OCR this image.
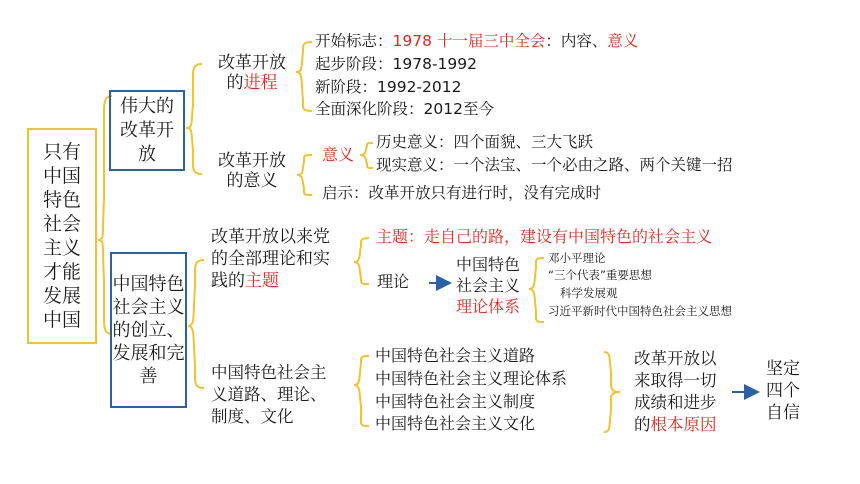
只有中国特色社会主义才能发展中国
伟大的改革开放
中国特色社会主义的创立、发展和完善
改革开放
的进程
开始标志：1978 十一届三中全会：内容、意义
起步阶段：1978-1992
新阶段：1992-2012
全面深化阶段：2012至今
改革开放
的意义
意义
历史意义：四个面貌、三大飞跃
现实意义：一个法宝、一个必由之路、两个关键一招
启示：改革开放只有进行时，没有完成时
改革开放以来党
的全部理论和实
践的主题
主题：走自己的路，建设有中国特色的社会主义
理论
中国特色
社会主义
理论体系
邓小平理论
“三个代表”重要思想
科学发展观
习近平新时代中国特色社会主义思想
中国特色社会主
义道路、理论、
制度、文化
中国特色社会主义道路
中国特色社会主义理论体系
中国特色社会主义制度
中国特色社会主义文化
改革开放以
来取得一切
成绩和进步
的根本原因
坚定四个自信
